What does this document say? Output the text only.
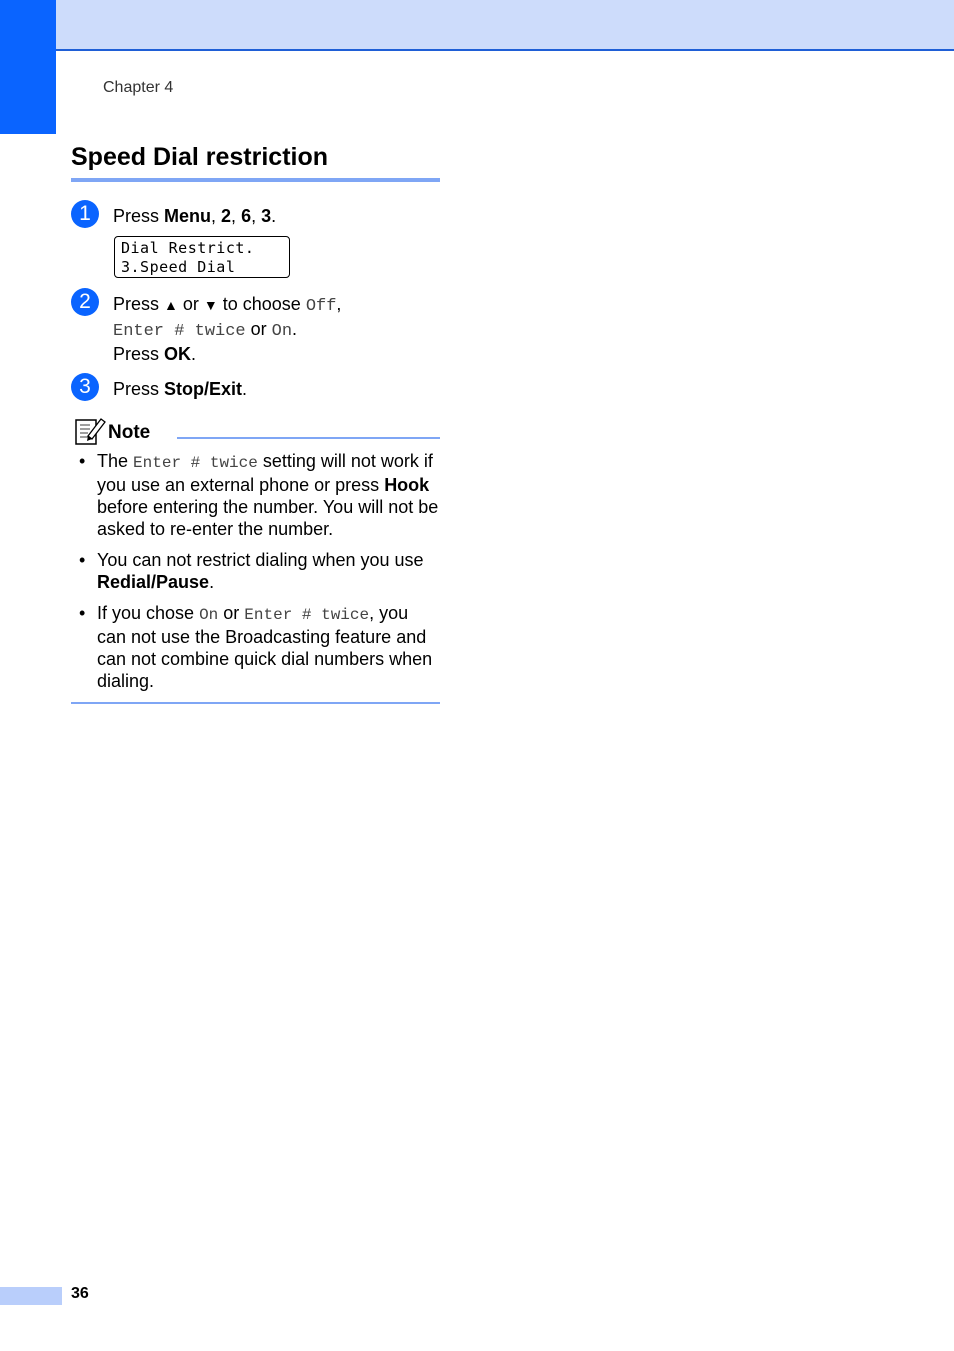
Chapter 4
Speed Dial restriction
1	Press Menu, 2, 6, 3.
Dial Restrict.
3.Speed Dial
2	Press ▲ or ▼ to choose Off,
Enter # twice or On.
Press OK.
3	Press Stop/Exit.
Note
• The Enter # twice setting will not work if you use an external phone or press Hook before entering the number. You will not be asked to re-enter the number.
• You can not restrict dialing when you use Redial/Pause.
• If you chose On or Enter # twice, you can not use the Broadcasting feature and can not combine quick dial numbers when dialing.
36
